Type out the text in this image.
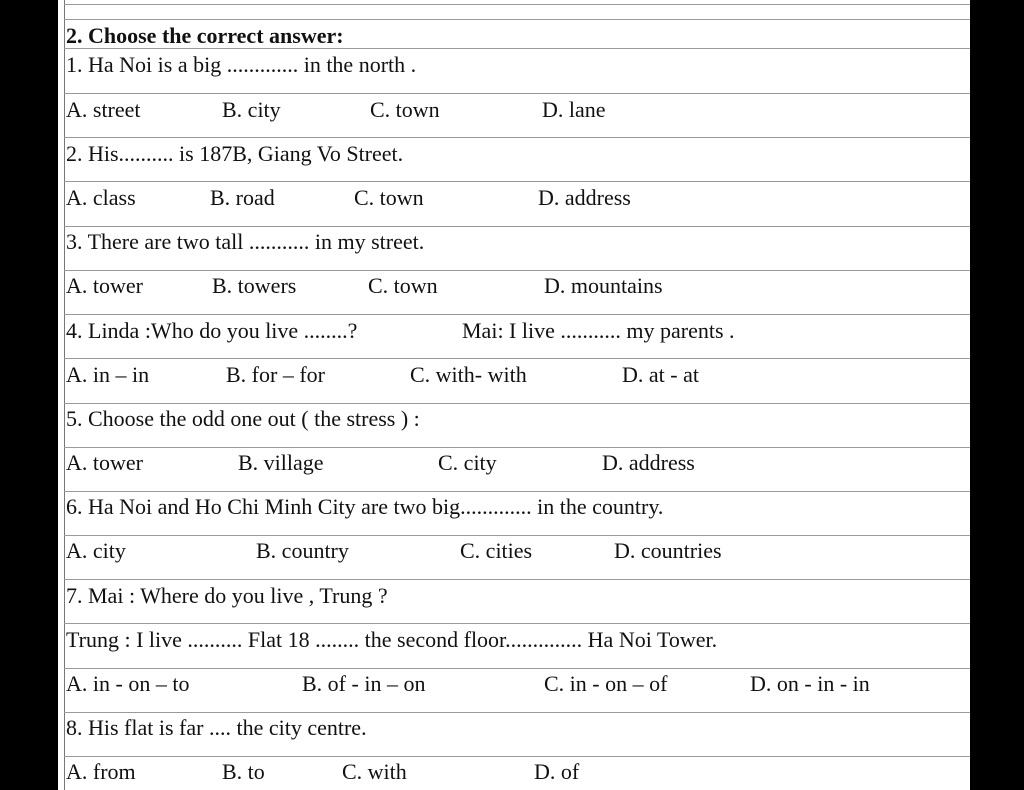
2. Choose the correct answer:
1. Ha Noi is a big ............. in the north .
A. street	B. city	C. town	D. lane
2. His.......... is 187B, Giang Vo Street.
A. class	B. road	C. town	D. address
3. There are two tall ........... in my street.
A. tower	B. towers	C. town	D. mountains
4. Linda :Who do you live ........?	Mai: I live ........... my parents .
A. in – in	B. for – for	C. with- with	D. at - at
5. Choose the odd one out ( the stress ) :
A. tower	B. village	C. city	D. address
6. Ha Noi and Ho Chi Minh City are two big............. in the country.
A. city	B. country	C. cities	D. countries
7. Mai : Where do you live , Trung ?
Trung : I live .......... Flat 18 ........ the second floor.............. Ha Noi Tower.
A. in - on – to	B. of - in – on	C. in - on – of	D. on - in - in
8. His flat is far .... the city centre.
A. from	B. to	C. with	D. of
